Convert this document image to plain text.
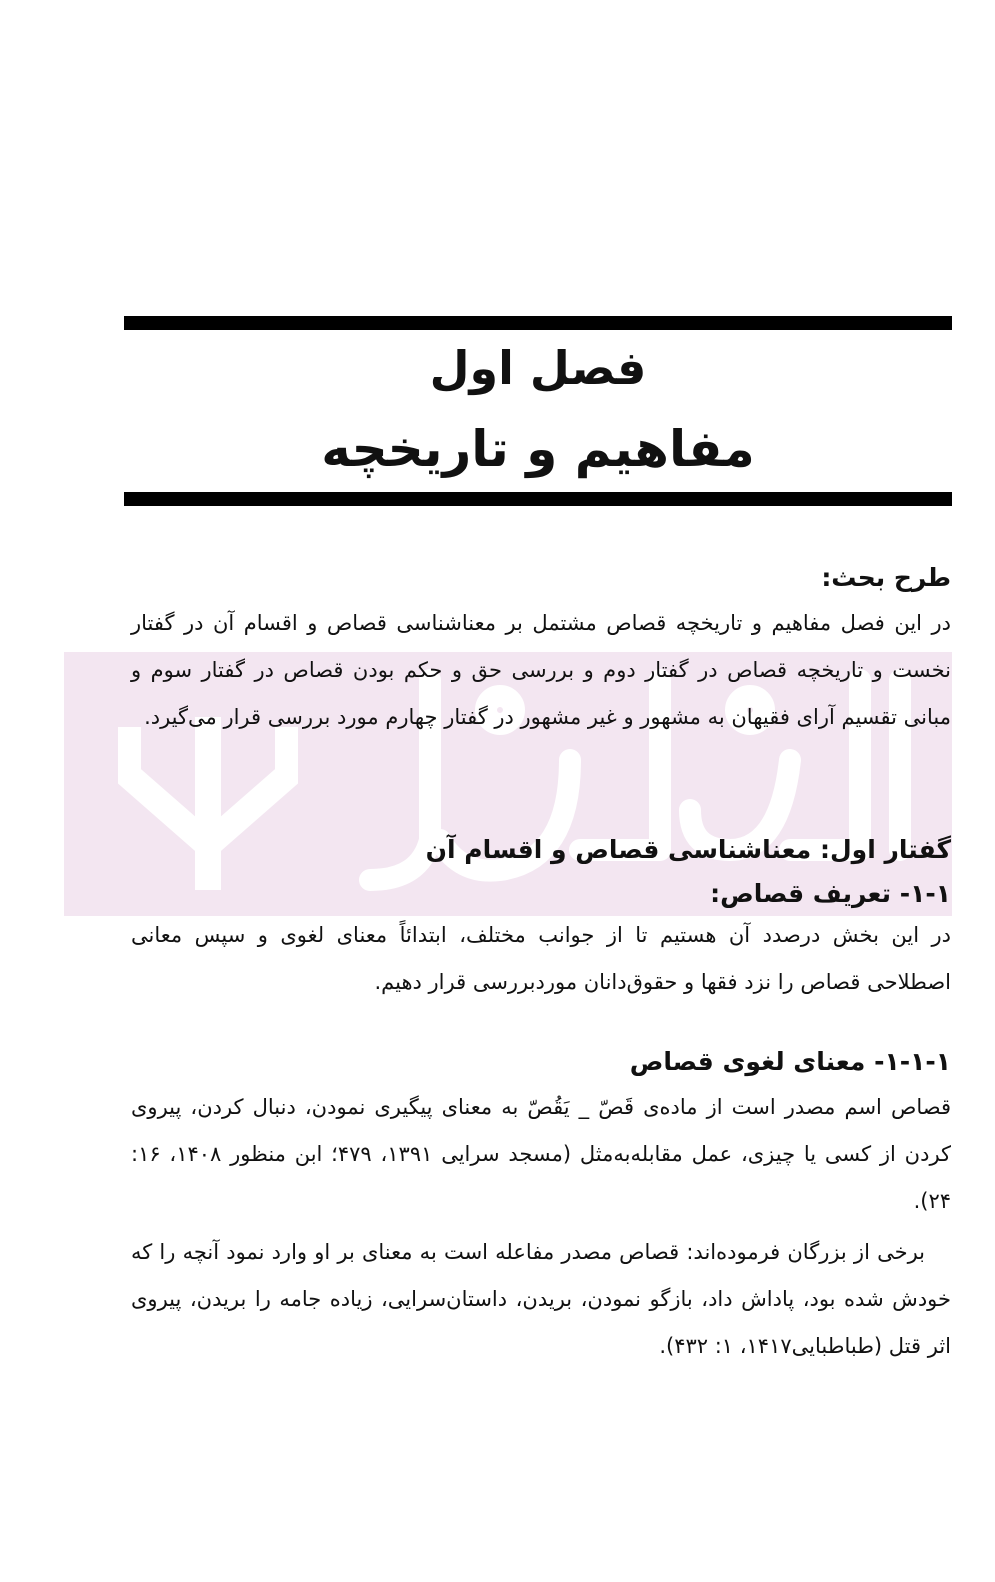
فصل اول
مفاهیم و تاریخچه
طرح بحث:
در این فصل مفاهیم و تاریخچه قصاص مشتمل بر معناشناسی قصاص و اقسام آن در گفتار نخست و تاریخچه قصاص در گفتار دوم و بررسی حق و حکم بودن قصاص در گفتار سوم و مبانی تقسیم آرای فقیهان به مشهور و غیر مشهور در گفتار چهارم مورد بررسی قرار می‌گیرد.
گفتار اول: معناشناسی قصاص و اقسام آن
۱-۱- تعریف قصاص:
در این بخش درصدد آن هستیم تا از جوانب مختلف، ابتدائاً معنای لغوی و سپس معانی اصطلاحی قصاص را نزد فقها و حقوق‌دانان موردبررسی قرار دهیم.
۱-۱-۱- معنای لغوی قصاص
قصاص اسم مصدر است از ماده‌ی قَصّ _ یَقُصّ به معنای پیگیری نمودن، دنبال کردن، پیروی کردن از کسی یا چیزی، عمل مقابله‌به‌مثل (مسجد سرایی ۱۳۹۱، ۴۷۹؛ ابن منظور ۱۴۰۸، ۱۶: ۲۴).
برخی از بزرگان فرموده‌اند: قصاص مصدر مفاعله است به معنای بر او وارد نمود آنچه را که خودش شده بود، پاداش داد، بازگو نمودن، بریدن، داستان‌سرایی، زیاده جامه را بریدن، پیروی اثر قتل (طباطبایی۱۴۱۷، ۱: ۴۳۲).
